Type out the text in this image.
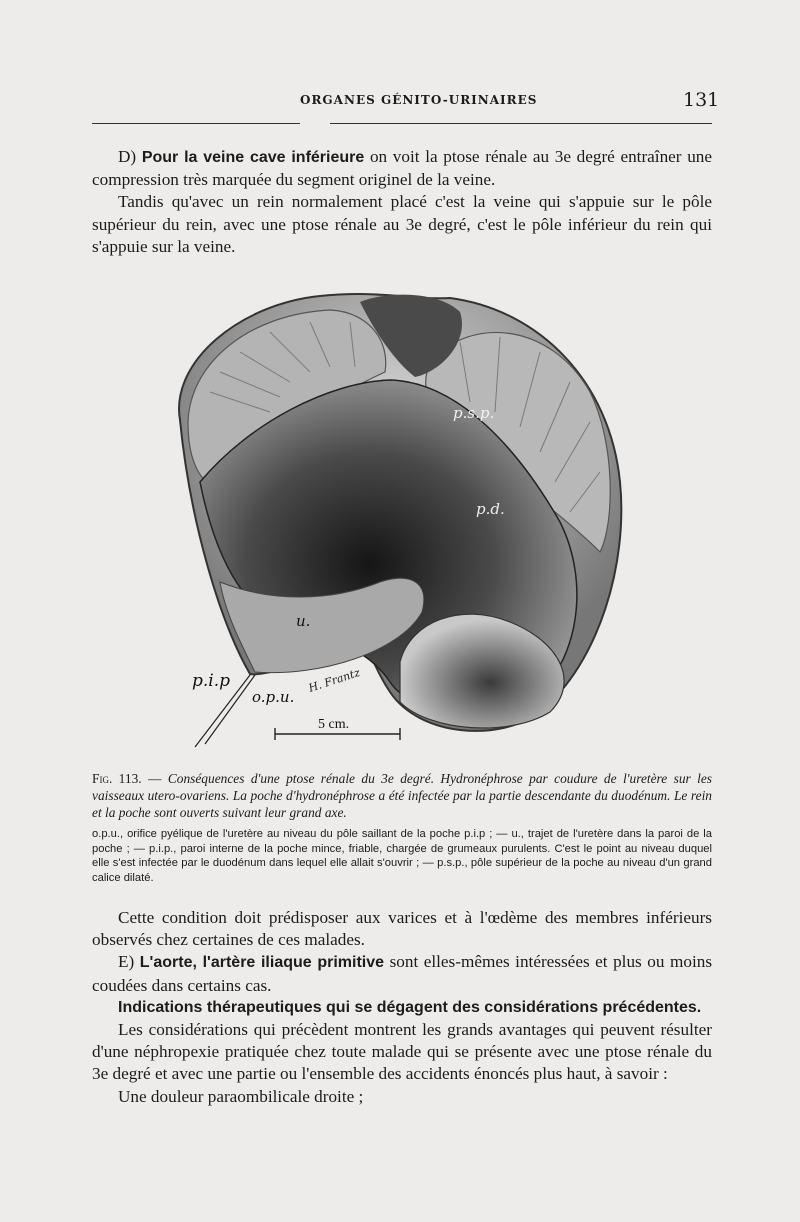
ORGANES GÉNITO-URINAIRES	131

D) Pour la veine cave inférieure on voit la ptose rénale au 3e degré entraîner une compression très marquée du segment originel de la veine.

Tandis qu'avec un rein normalement placé c'est la veine qui s'appuie sur le pôle supérieur du rein, avec une ptose rénale au 3e degré, c'est le pôle inférieur du rein qui s'appuie sur la veine.

p.s.p.
p.d.
u.
p.i.p
o.p.u.
H. Frantz
5 cm.
Fig. 113. — Conséquences d'une ptose rénale du 3e degré. Hydronéphrose par coudure de l'uretère sur les vaisseaux utero-ovariens. La poche d'hydronéphrose a été infectée par la partie descendante du duodénum. Le rein et la poche sont ouverts suivant leur grand axe.
o.p.u., orifice pyélique de l'uretère au niveau du pôle saillant de la poche p.i.p ; — u., trajet de l'uretère dans la paroi de la poche ; — p.i.p., paroi interne de la poche mince, friable, chargée de grumeaux purulents. C'est le point au niveau duquel elle s'est infectée par le duodénum dans lequel elle allait s'ouvrir ; — p.s.p., pôle supérieur de la poche au niveau d'un grand calice dilaté.

Cette condition doit prédisposer aux varices et à l'œdème des membres inférieurs observés chez certaines de ces malades.

E) L'aorte, l'artère iliaque primitive sont elles-mêmes intéressées et plus ou moins coudées dans certains cas.

Indications thérapeutiques qui se dégagent des considérations précédentes.

Les considérations qui précèdent montrent les grands avantages qui peuvent résulter d'une néphropexie pratiquée chez toute malade qui se présente avec une ptose rénale du 3e degré et avec une partie ou l'ensemble des accidents énoncés plus haut, à savoir :

Une douleur paraombilicale droite ;
